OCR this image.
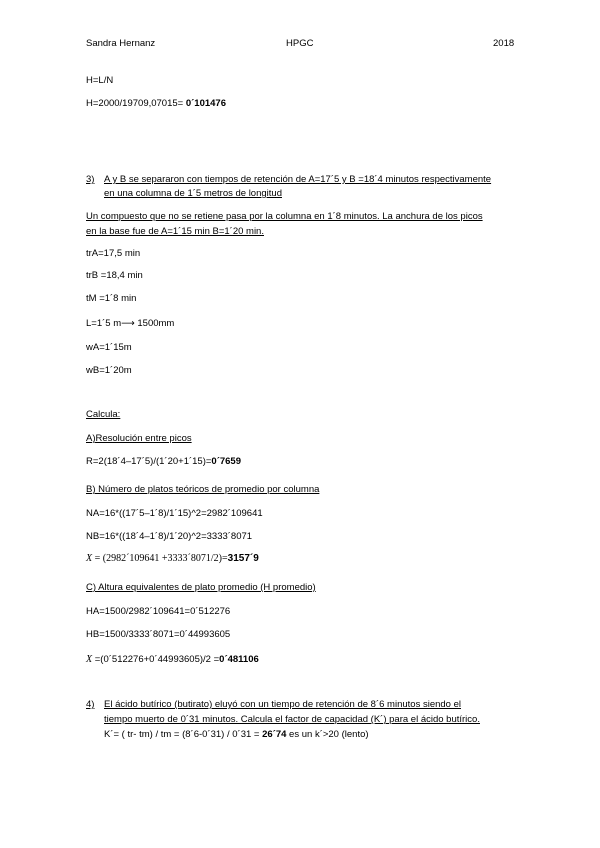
Sandra Hernanz	HPGC	2018
H=L/N
H=2000/19709,07015= 0´101476
3) A y B se separaron con tiempos de retención de A=17´5 y B =18´4 minutos respectivamente
en una columna de 1´5 metros de longitud
Un compuesto que no se retiene pasa por la columna en 1´8 minutos. La anchura de los picos
en la base fue de A=1´15 min B=1´20 min.
trA=17,5 min
trB =18,4 min
tM =1´8 min
L=1´5 m⟶ 1500mm
wA=1´15m
wB=1´20m
Calcula:
A)Resolución entre picos
R=2(18´4–17´5)/(1´20+1´15)=0´7659
B) Número de platos teóricos de promedio por columna
NA=16*((17´5–1´8)/1´15)^2=2982´109641
NB=16*((18´4–1´8)/1´20)^2=3333´8071
X = (2982´109641 +3333´8071/2)=3157´9
C) Altura equivalentes de plato promedio (H promedio)
HA=1500/2982´109641=0´512276
HB=1500/3333´8071=0´44993605
X =(0´512276+0´44993605)/2 =0´481106
4) El ácido butírico (butirato) eluyó con un tiempo de retención de 8´6 minutos siendo el
tiempo muerto de 0´31 minutos. Calcula el factor de capacidad (K´) para el ácido butírico.
K´= ( tr- tm) / tm = (8´6-0´31) / 0´31 = 26´74 es un k´>20 (lento)
